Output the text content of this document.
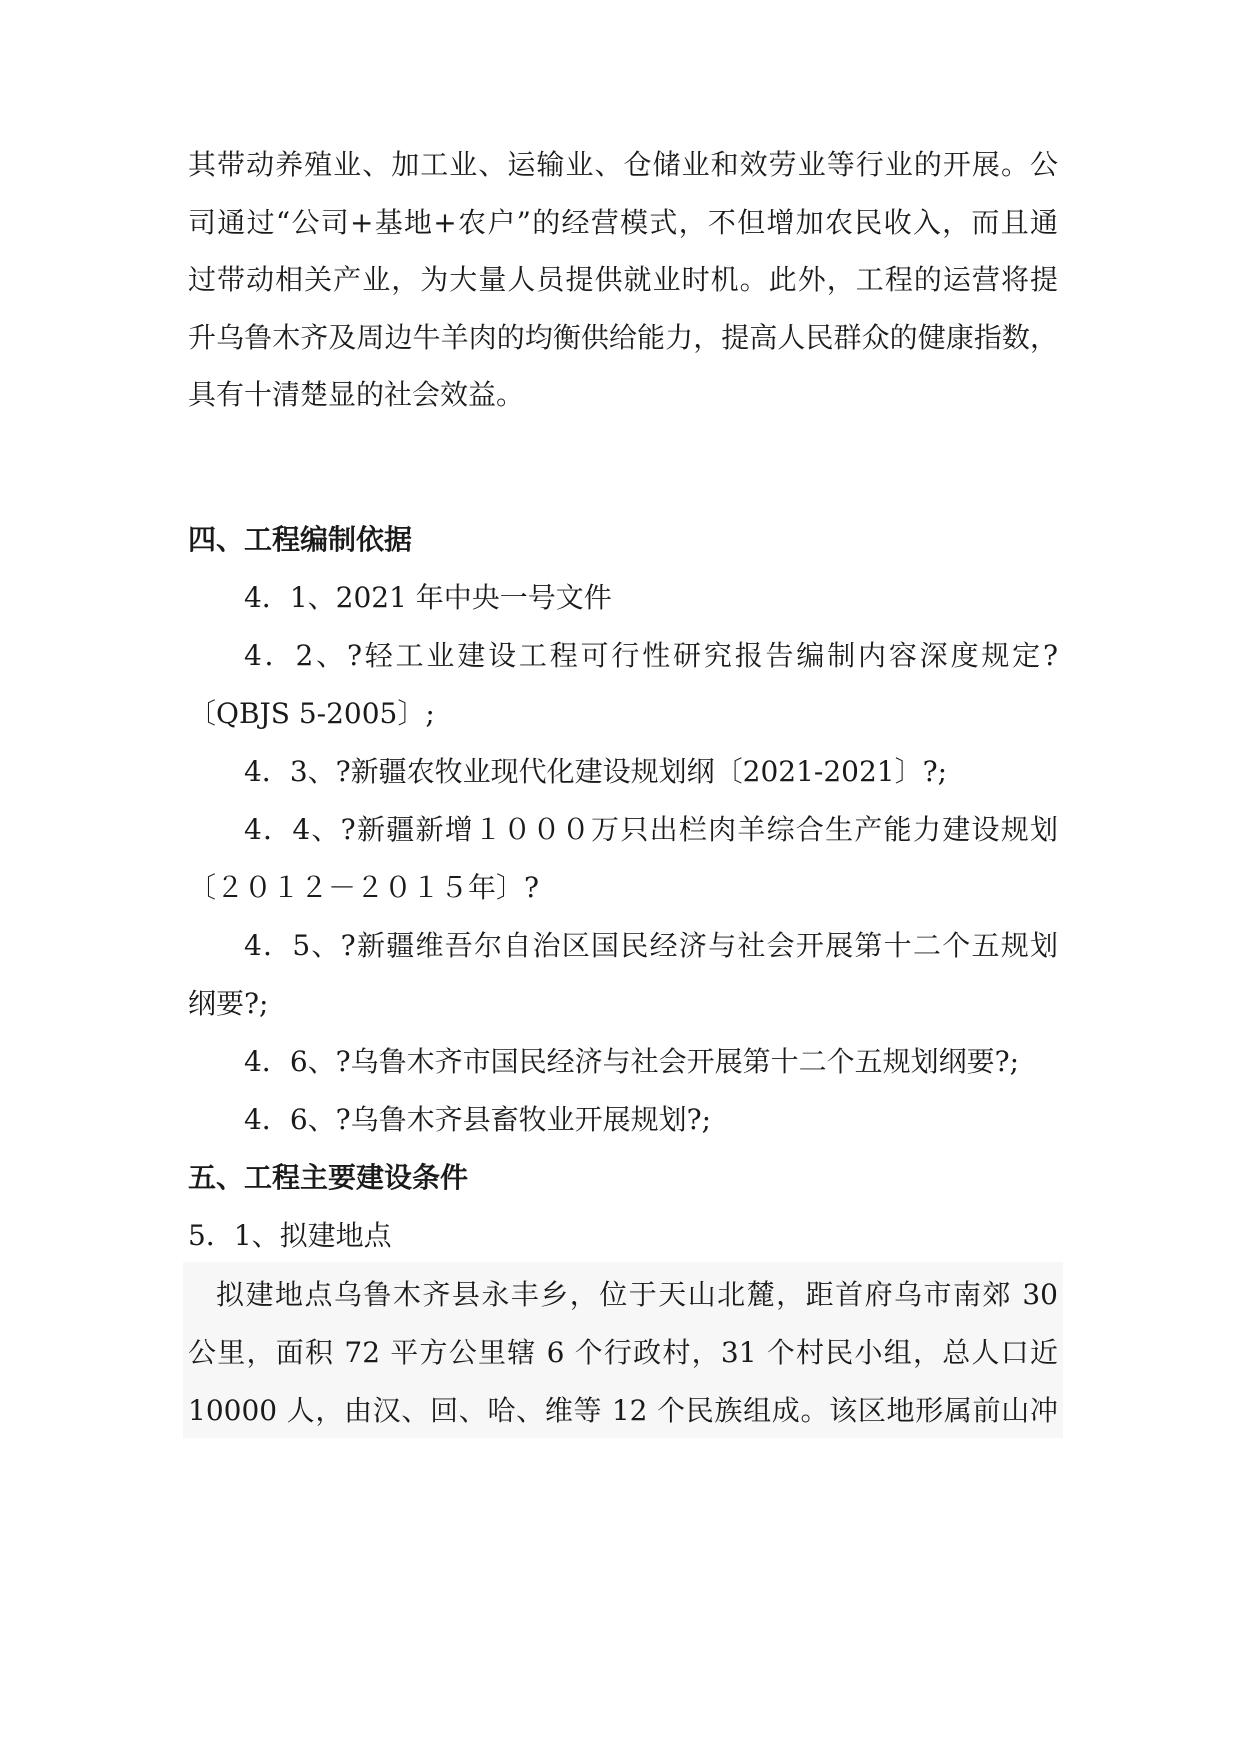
其带动养殖业、加工业、运输业、仓储业和效劳业等行业的开展。公
司通过“公司+基地+农户”的经营模式，不但增加农民收入，而且通
过带动相关产业，为大量人员提供就业时机。此外，工程的运营将提
升乌鲁木齐及周边牛羊肉的均衡供给能力，提高人民群众的健康指数，
具有十清楚显的社会效益。
四、工程编制依据
4．1、2021 年中央一号文件
4．2、?轻工业建设工程可行性研究报告编制内容深度规定?
〔QBJS 5-2005〕;
4．3、?新疆农牧业现代化建设规划纲〔2021-2021〕?;
4．4、?新疆新增１０００万只出栏肉羊综合生产能力建设规划
〔２０１２－２０１５年〕?
4．5、?新疆维吾尔自治区国民经济与社会开展第十二个五规划
纲要?;
4．6、?乌鲁木齐市国民经济与社会开展第十二个五规划纲要?;
4．6、?乌鲁木齐县畜牧业开展规划?;
五、工程主要建设条件
5．1、拟建地点
拟建地点乌鲁木齐县永丰乡，位于天山北麓，距首府乌市南郊 30
公里，面积 72 平方公里辖 6 个行政村，31 个村民小组，总人口近
10000 人，由汉、回、哈、维等 12 个民族组成。该区地形属前山冲
